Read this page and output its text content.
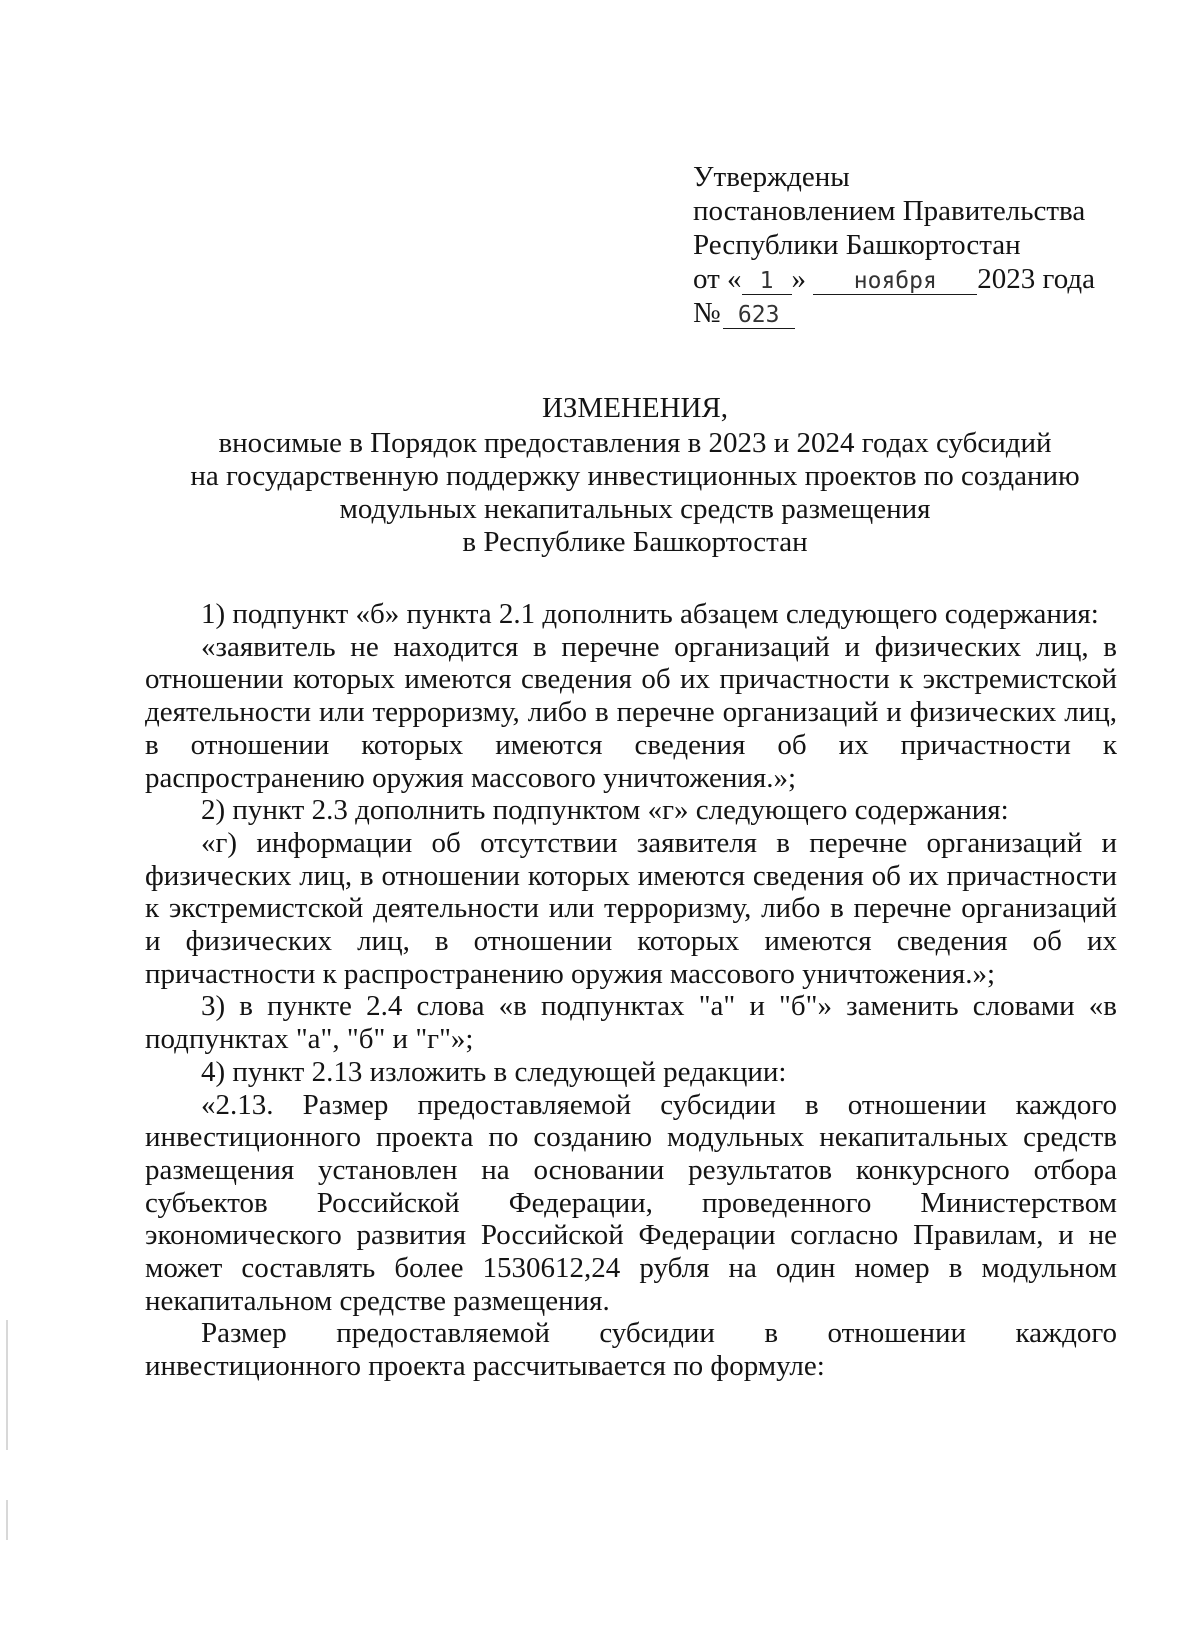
Утверждены
постановлением Правительства
Республики Башкортостан
от « 1 » ноября 2023 года
№ 623
ИЗМЕНЕНИЯ,
вносимые в Порядок предоставления в 2023 и 2024 годах субсидий
на государственную поддержку инвестиционных проектов по созданию
модульных некапитальных средств размещения
в Республике Башкортостан

1) подпункт «б» пункта 2.1 дополнить абзацем следующего содержания:

«заявитель не находится в перечне организаций и физических лиц, в отношении которых имеются сведения об их причастности к экстремистской деятельности или терроризму, либо в перечне организаций и физических лиц, в отношении которых имеются сведения об их причастности к распространению оружия массового уничтожения.»;

2) пункт 2.3 дополнить подпунктом «г» следующего содержания:

«г) информации об отсутствии заявителя в перечне организаций и физических лиц, в отношении которых имеются сведения об их причастности к экстремистской деятельности или терроризму, либо в перечне организаций и физических лиц, в отношении которых имеются сведения об их причастности к распространению оружия массового уничтожения.»;

3) в пункте 2.4 слова «в подпунктах "а" и "б"» заменить словами «в подпунктах "а", "б" и "г"»;

4) пункт 2.13 изложить в следующей редакции:

«2.13. Размер предоставляемой субсидии в отношении каждого инвестиционного проекта по созданию модульных некапитальных средств размещения установлен на основании результатов конкурсного отбора субъектов Российской Федерации, проведенного Министерством экономического развития Российской Федерации согласно Правилам, и не может составлять более 1530612,24 рубля на один номер в модульном некапитальном средстве размещения.

Размер предоставляемой субсидии в отношении каждого инвестиционного проекта рассчитывается по формуле:
